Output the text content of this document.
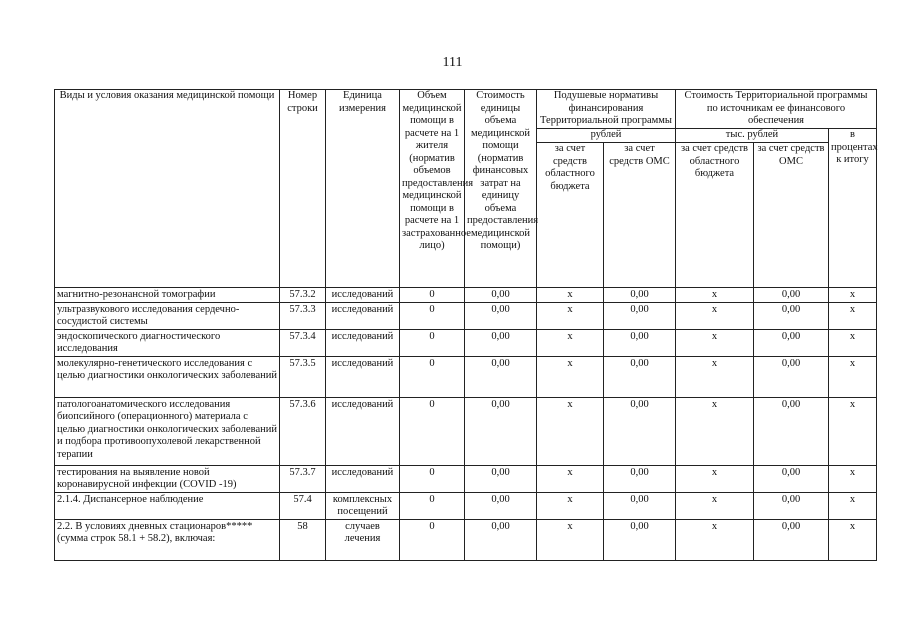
111
Виды и условия оказания медицинской помощи	Номер строки	Единица измерения	Объем медицинской помощи в расчете на 1 жителя (норматив объемов предоставления медицинской помощи в расчете на 1 застрахованное лицо)	Стоимость единицы объема медицинской помощи (норматив финансовых затрат на единицу объема предоставления медицинской помощи)	Подушевые нормативы финансирования Территориальной программы		Стоимость Территориальной программы по источникам ее финансового обеспечения		
					рублей		тыс. рублей		в процентах к итогу
					за счет средств областного бюджета	за счет средств ОМС	за счет средств областного бюджета	за счет средств ОМС	
магнитно-резонансной томографии	57.3.2	исследований	0	0,00	х	0,00	х	0,00	х
ультразвукового исследования сердечно-сосудистой системы	57.3.3	исследований	0	0,00	х	0,00	х	0,00	х
эндоскопического диагностического исследования	57.3.4	исследований	0	0,00	х	0,00	х	0,00	х
молекулярно-генетического исследования с целью диагностики онкологических заболеваний	57.3.5	исследований	0	0,00	х	0,00	х	0,00	х
патологоанатомического исследования биопсийного (операционного) материала с целью диагностики онкологических заболеваний и подбора противоопухолевой лекарственной терапии	57.3.6	исследований	0	0,00	х	0,00	х	0,00	х
тестирования на выявление новой коронавирусной инфекции (COVID -19)	57.3.7	исследований	0	0,00	х	0,00	х	0,00	х
2.1.4. Диспансерное наблюдение	57.4	комплексных посещений	0	0,00	х	0,00	х	0,00	х
2.2. В условиях дневных стационаров***** (сумма строк 58.1 + 58.2), включая:	58	случаев лечения	0	0,00	х	0,00	х	0,00	х
